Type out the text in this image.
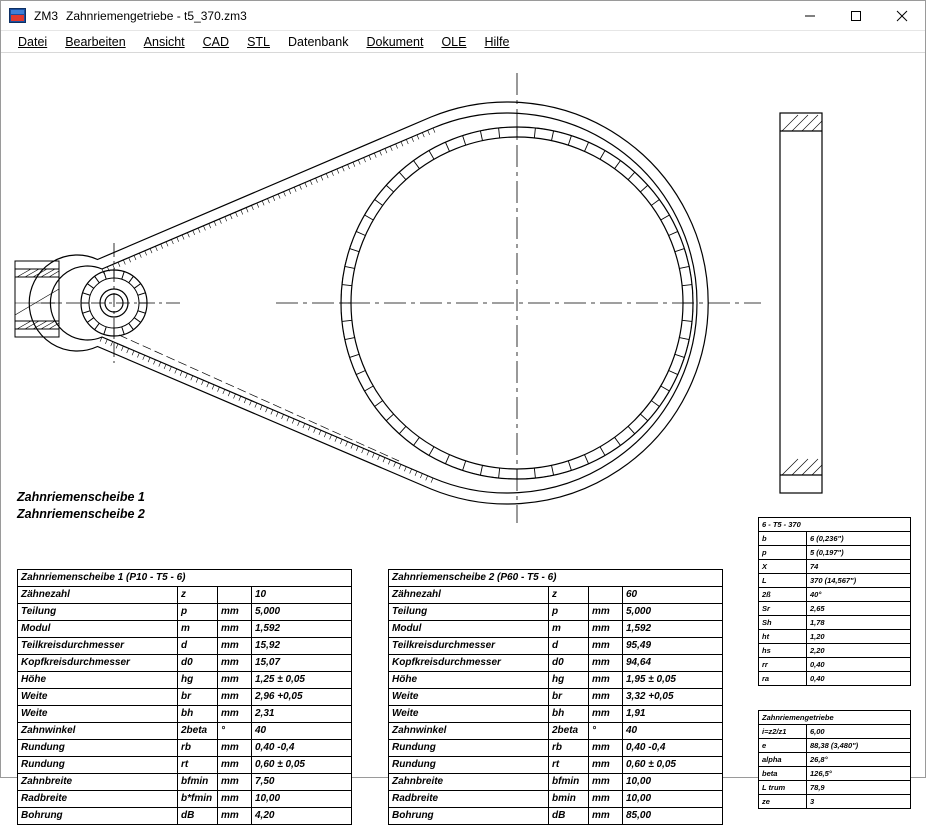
ZM3 Zahnriemengetriebe - t5_370.zm3
Datei	Bearbeiten	Ansicht	CAD	STL	Datenbank	Dokument	OLE	Hilfe
Zahnriemenscheibe 1
Zahnriemenscheibe 2
Zahnriemenscheibe 1 (P10 - T5 - 6)			
Zähnezahl	z		10
Teilung	p	mm	5,000
Modul	m	mm	1,592
Teilkreisdurchmesser	d	mm	15,92
Kopfkreisdurchmesser	d0	mm	15,07
Höhe	hg	mm	1,25 ± 0,05
Weite	br	mm	2,96 +0,05
Weite	bh	mm	2,31
Zahnwinkel	2beta	°	40
Rundung	rb	mm	0,40 -0,4
Rundung	rt	mm	0,60 ± 0,05
Zahnbreite	bfmin	mm	7,50
Radbreite	b*fmin	mm	10,00
Bohrung	dB	mm	4,20
Zahnriemenscheibe 2 (P60 - T5 - 6)			
Zähnezahl	z		60
Teilung	p	mm	5,000
Modul	m	mm	1,592
Teilkreisdurchmesser	d	mm	95,49
Kopfkreisdurchmesser	d0	mm	94,64
Höhe	hg	mm	1,95 ± 0,05
Weite	br	mm	3,32 +0,05
Weite	bh	mm	1,91
Zahnwinkel	2beta	°	40
Rundung	rb	mm	0,40 -0,4
Rundung	rt	mm	0,60 ± 0,05
Zahnbreite	bfmin	mm	10,00
Radbreite	bmin	mm	10,00
Bohrung	dB	mm	85,00
6 - T5 - 370	
b	6 (0,236")
p	5 (0,197")
X	74
L	370 (14,567")
2ß	40°
Sr	2,65
Sh	1,78
ht	1,20
hs	2,20
rr	0,40
ra	0,40
Zahnriemengetriebe	
i=z2/z1	6,00
e	88,38 (3,480")
alpha	26,8°
beta	126,5°
L trum	78,9
ze	3
